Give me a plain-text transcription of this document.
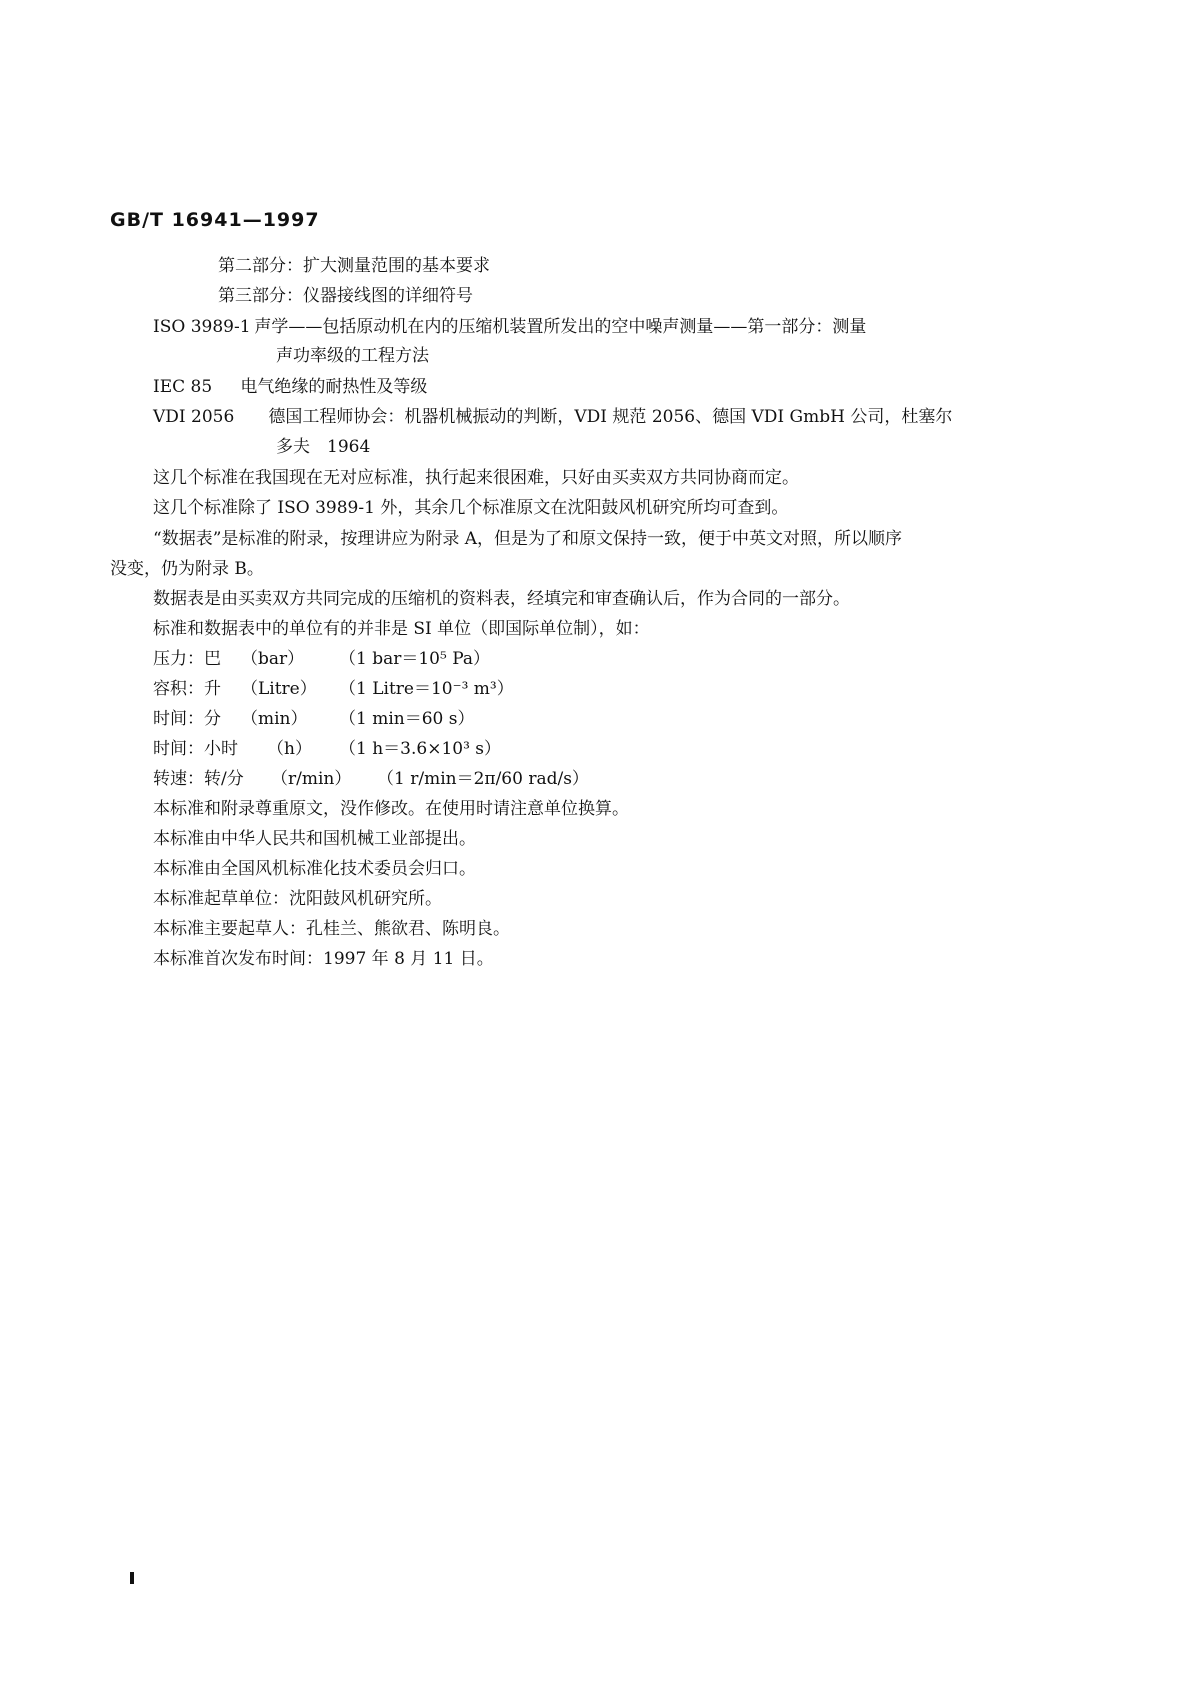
GB/T 16941—1997
第二部分：扩大测量范围的基本要求
第三部分：仪器接线图的详细符号
ISO 3989-1 声学——包括原动机在内的压缩机装置所发出的空中噪声测量——第一部分：测量
声功率级的工程方法
IEC 85 电气绝缘的耐热性及等级
VDI 2056 德国工程师协会：机器机械振动的判断，VDI 规范 2056、德国 VDI GmbH 公司，杜塞尔
多夫　1964
这几个标准在我国现在无对应标准，执行起来很困难，只好由买卖双方共同协商而定。
这几个标准除了 ISO 3989-1 外，其余几个标准原文在沈阳鼓风机研究所均可查到。
“数据表”是标准的附录，按理讲应为附录 A，但是为了和原文保持一致，便于中英文对照，所以顺序
没变，仍为附录 B。
数据表是由买卖双方共同完成的压缩机的资料表，经填完和审查确认后，作为合同的一部分。
标准和数据表中的单位有的并非是 SI 单位（即国际单位制），如：
压力：巴 （bar） （1 bar＝10⁵ Pa）
容积：升 （Litre） （1 Litre＝10⁻³ m³）
时间：分 （min） （1 min＝60 s）
时间：小时 （h） （1 h＝3.6×10³ s）
转速：转/分 （r/min） （1 r/min＝2π/60 rad/s）
本标准和附录尊重原文，没作修改。在使用时请注意单位换算。
本标准由中华人民共和国机械工业部提出。
本标准由全国风机标准化技术委员会归口。
本标准起草单位：沈阳鼓风机研究所。
本标准主要起草人：孔桂兰、熊欲君、陈明良。
本标准首次发布时间：1997 年 8 月 11 日。
